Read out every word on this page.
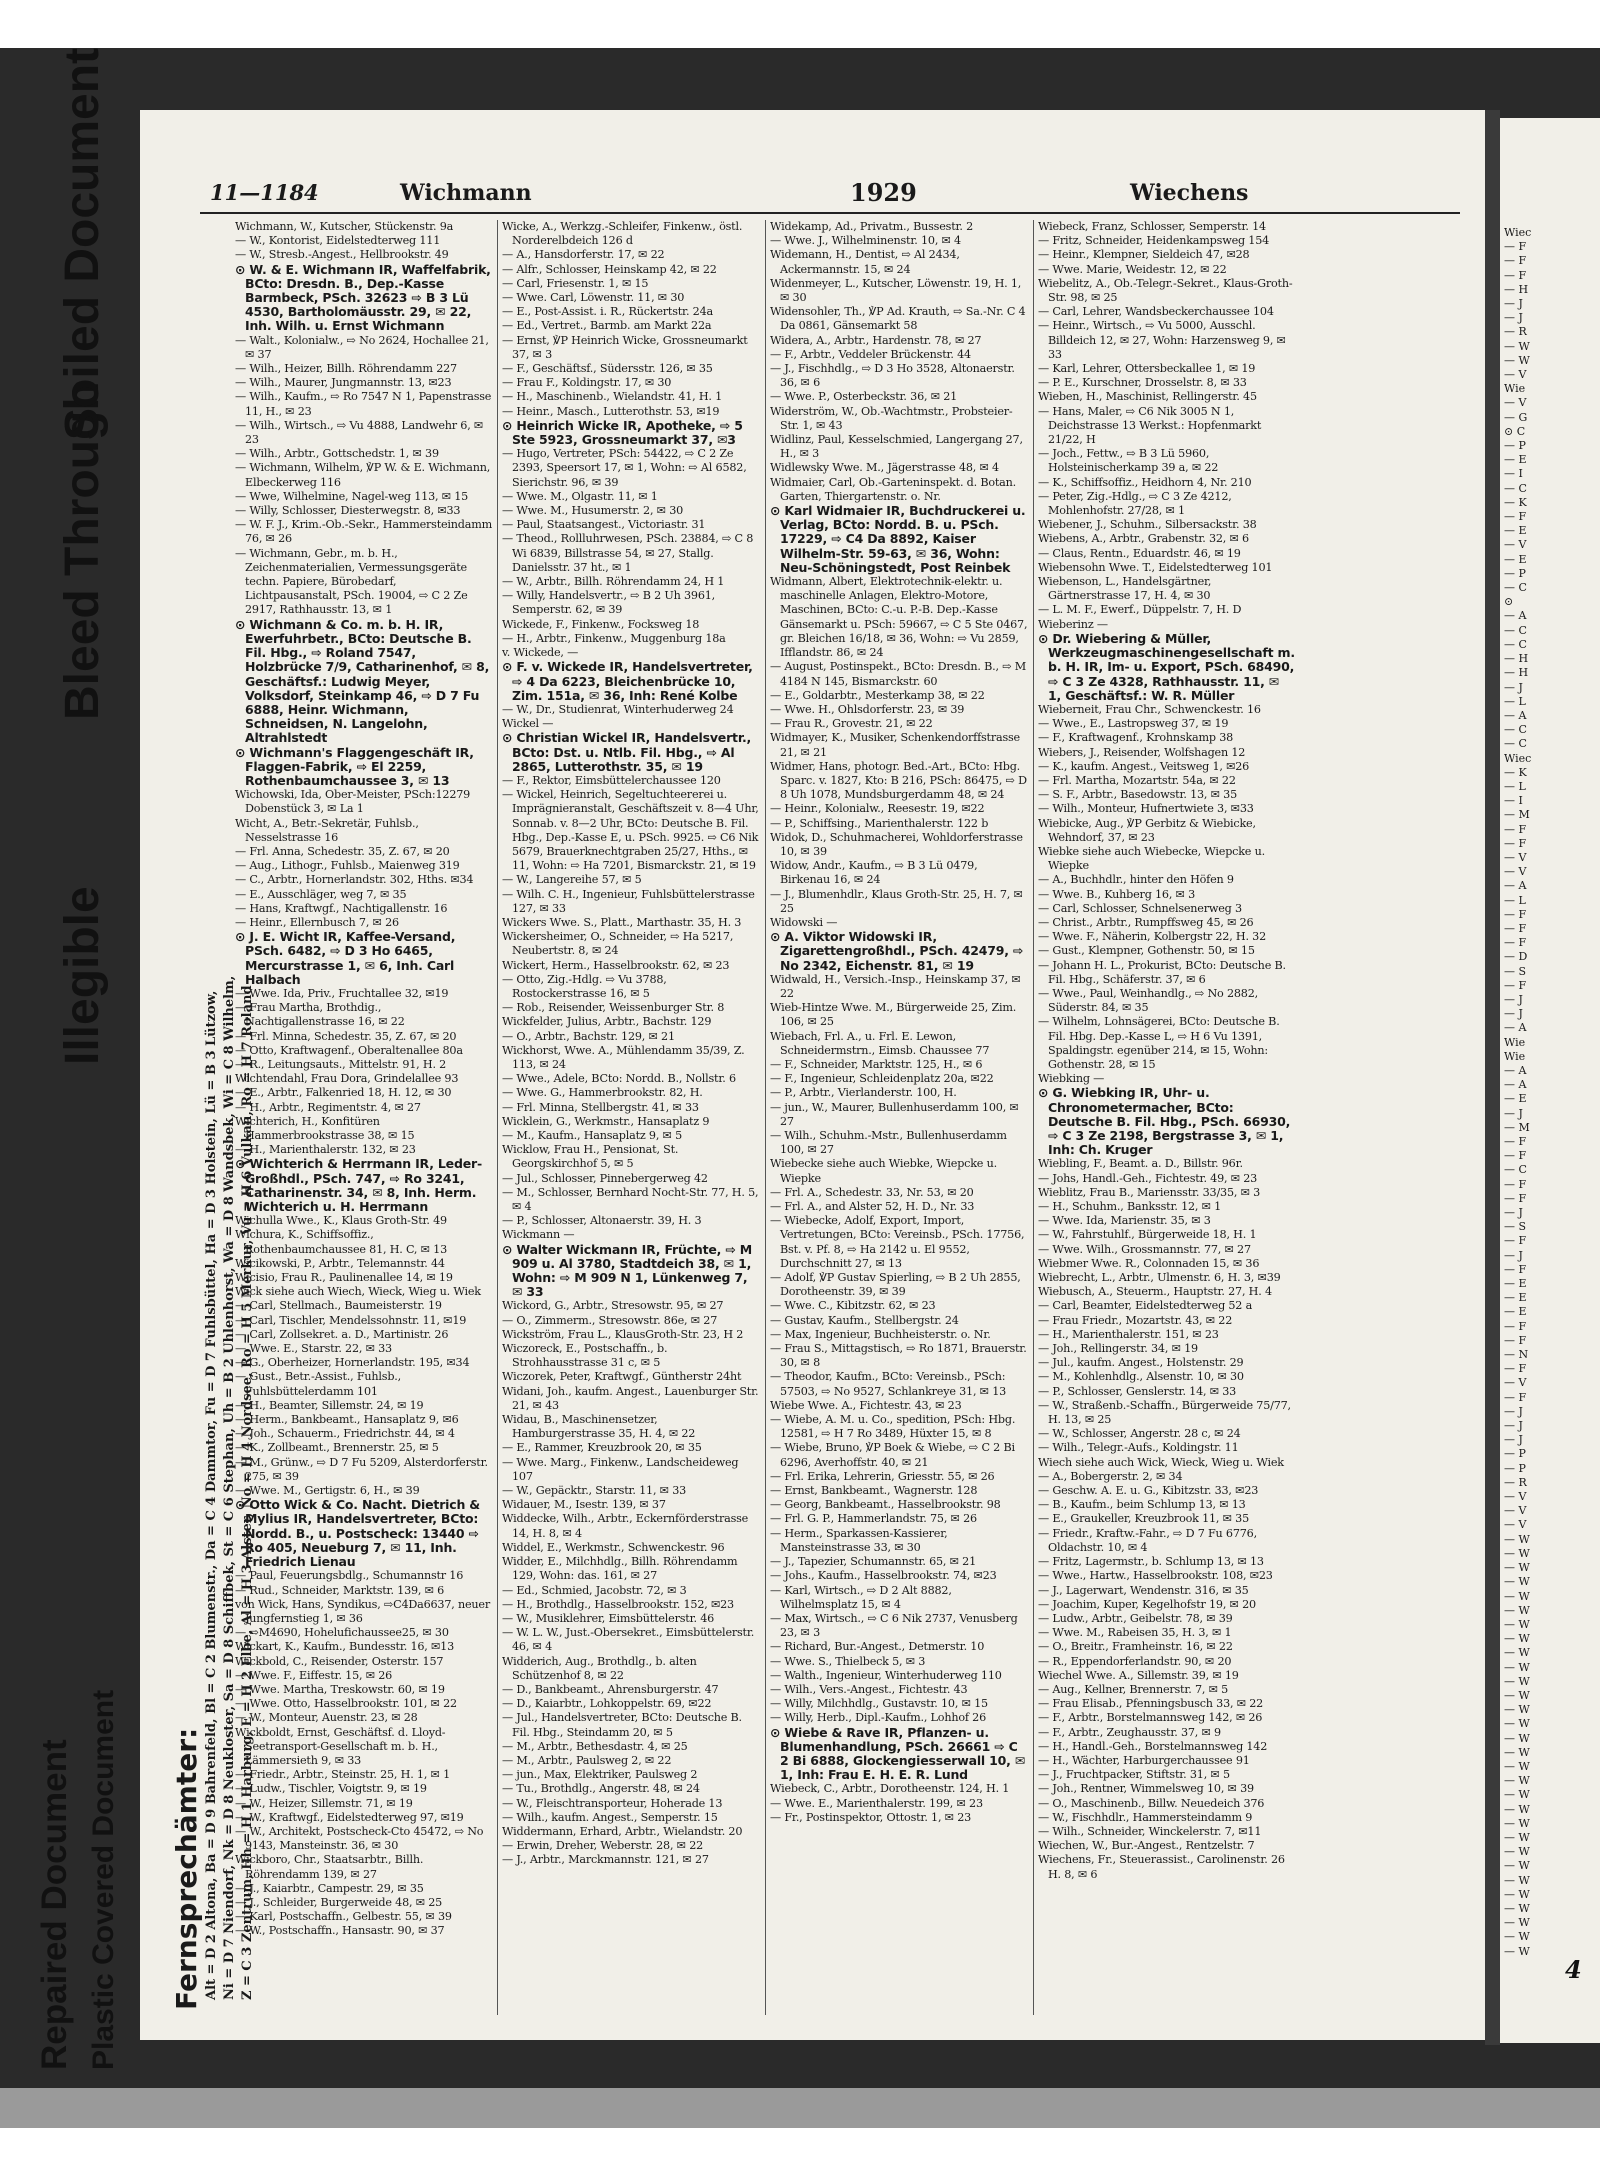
11—1184	Wichmann	1929	Wiechens
Alt = D 2 Altona, Ba = D 9 Bahrenfeld, Bl = C 2 Blumenstr., Da = C 4 Dammtor, Fu = D 7 Fuhlsbüttel, Ha = D 3 Holstein, Lü = B 3 Lützow, Ni = D 7 Niendorf, Nk = D 8 Neukloster, Sa = D 8 Schiffbek, St = C 6 Stephan, Uh = B 2 Uhlenhorst, Wa = D 8 Wandsbek, Wi = C 8 Wilhelm, Z = C 3 Zentrum, Hh = H 1 Harburg, E = H 2 Elbe, Al = H 3 Alster, No = H 4 Nordsee, Ro = H 5 Merkur, Vu = H 6 Vulkan, Ro = H 7 Roland
Fernsprechämter:

Wichmann, W., Kutscher, Stückenstr. 9a

— W., Kontorist, Eidelstedterweg 111

— W., Stresb.-Angest., Hellbrookstr. 49

⊙ W. & E. Wichmann IR, Waffelfabrik, BCto: Dresdn. B., Dep.-Kasse Barmbeck, PSch. 32623 ⇨ B 3 Lü 4530, Bartholomäusstr. 29, ✉ 22, Inh. Wilh. u. Ernst Wichmann

— Walt., Kolonialw., ⇨ No 2624, Hochallee 21, ✉ 37

— Wilh., Heizer, Billh. Röhrendamm 227

— Wilh., Maurer, Jungmannstr. 13, ✉23

— Wilh., Kaufm., ⇨ Ro 7547 N 1, Papenstrasse 11, H., ✉ 23

— Wilh., Wirtsch., ⇨ Vu 4888, Landwehr 6, ✉ 23

— Wilh., Arbtr., Gottschedstr. 1, ✉ 39

— Wichmann, Wilhelm, ℣P W. & E. Wichmann, Elbeckerweg 116

— Wwe, Wilhelmine, Nagel-weg 113, ✉ 15

— Willy, Schlosser, Diesterwegstr. 8, ✉33

— W. F. J., Krim.-Ob.-Sekr., Hammersteindamm 76, ✉ 26

— Wichmann, Gebr., m. b. H., Zeichenmaterialien, Vermessungsgeräte techn. Papiere, Bürobedarf, Lichtpausanstalt, PSch. 19004, ⇨ C 2 Ze 2917, Rathhausstr. 13, ✉ 1

⊙ Wichmann & Co. m. b. H. IR, Ewerfuhrbetr., BCto: Deutsche B. Fil. Hbg., ⇨ Roland 7547, Holzbrücke 7/9, Catharinenhof, ✉ 8, Geschäftsf.: Ludwig Meyer, Volksdorf, Steinkamp 46, ⇨ D 7 Fu 6888, Heinr. Wichmann, Schneidsen, N. Langelohn, Altrahlstedt

⊙ Wichmann's Flaggengeschäft IR, Flaggen-Fabrik, ⇨ El 2259, Rothenbaumchaussee 3, ✉ 13

Wichowski, Ida, Ober-Meister, PSch:12279 Dobenstück 3, ✉ La 1

Wicht, A., Betr.-Sekretär, Fuhlsb., Nesselstrasse 16

— Frl. Anna, Schedestr. 35, Z. 67, ✉ 20

— Aug., Lithogr., Fuhlsb., Maienweg 319

— C., Arbtr., Hornerlandstr. 302, Hths. ✉34

— E., Ausschläger, weg 7, ✉ 35

— Hans, Kraftwgf., Nachtigallenstr. 16

— Heinr., Ellernbusch 7, ✉ 26

⊙ J. E. Wicht IR, Kaffee-Versand, PSch. 6482, ⇨ D 3 Ho 6465, Mercurstrasse 1, ✉ 6, Inh. Carl Halbach

— Wwe. Ida, Priv., Fruchtallee 32, ✉19

— Frau Martha, Brothdig., Nachtigallenstrasse 16, ✉ 22

— Frl. Minna, Schedestr. 35, Z. 67, ✉ 20

— Otto, Kraftwagenf., Oberaltenallee 80a

— R., Leitungsauts., Mittelstr. 91, H. 2

Wichtendahl, Frau Dora, Grindelallee 93

— E., Arbtr., Falkenried 18, H. 12, ✉ 30

— H., Arbtr., Regimentstr. 4, ✉ 27

Wichterich, H., Konfitüren Hammerbrookstrasse 38, ✉ 15

— H., Marienthalerstr. 132, ✉ 23

⊙ Wichterich & Herrmann IR, Leder-Großhdl., PSch. 747, ⇨ Ro 3241, Catharinenstr. 34, ✉ 8, Inh. Herm. Wichterich u. H. Herrmann

Wichulla Wwe., K., Klaus Groth-Str. 49

Wichura, K., Schiffsoffiz., Rothenbaumchaussee 81, H. C, ✉ 13

Wicikowski, P., Arbtr., Telemannstr. 44

Wicisio, Frau R., Paulinenallee 14, ✉ 19

Wick siehe auch Wiech, Wieck, Wieg u. Wiek

— Carl, Stellmach., Baumeisterstr. 19

— Carl, Tischler, Mendelssohnstr. 11, ✉19

— Carl, Zollsekret. a. D., Martinistr. 26

— Wwe. E., Starstr. 22, ✉ 33

— G., Oberheizer, Hornerlandstr. 195, ✉34

— Gust., Betr.-Assist., Fuhlsb., Fuhlsbüttelerdamm 101

— H., Beamter, Sillemstr. 24, ✉ 19

— Herm., Bankbeamt., Hansaplatz 9, ✉6

— Joh., Schauerm., Friedrichstr. 44, ✉ 4

— K., Zollbeamt., Brennerstr. 25, ✉ 5

— M., Grünw., ⇨ D 7 Fu 5209, Alsterdorferstr. 275, ✉ 39

— Wwe. M., Gertigstr. 6, H., ✉ 39

⊙ Otto Wick & Co. Nacht. Dietrich & Mylius IR, Handelsvertreter, BCto: Nordd. B., u. Postscheck: 13440 ⇨ Ro 405, Neueburg 7, ✉ 11, Inh. Friedrich Lienau

— Paul, Feuerungsbdlg., Schumannstr 16

— Rud., Schneider, Marktstr. 139, ✉ 6

von Wick, Hans, Syndikus, ⇨C4Da6637, neuer Jungfernstieg 1, ✉ 36

— ⇨M4690, Hohelufichaussee25, ✉ 30

Wickart, K., Kaufm., Bundesstr. 16, ✉13

Wickbold, C., Reisender, Osterstr. 157

— Wwe. F., Eiffestr. 15, ✉ 26

— Wwe. Martha, Treskowstr. 60, ✉ 19

— Wwe. Otto, Hasselbrookstr. 101, ✉ 22

— W., Monteur, Auenstr. 23, ✉ 28

Wickboldt, Ernst, Geschäftsf. d. Lloyd-Seetransport-Gesellschaft m. b. H., Lämmersieth 9, ✉ 33

— Friedr., Arbtr., Steinstr. 25, H. 1, ✉ 1

— Ludw., Tischler, Voigtstr. 9, ✉ 19

— W., Heizer, Sillemstr. 71, ✉ 19

— W., Kraftwgf., Eidelstedterweg 97, ✉19

— W., Architekt, Postscheck-Cto 45472, ⇨ No 9143, Mansteinstr. 36, ✉ 30

Wickboro, Chr., Staatsarbtr., Billh. Röhrendamm 139, ✉ 27

— J., Kaiarbtr., Campestr. 29, ✉ 35

— J., Schleider, Burgerweide 48, ✉ 25

— Karl, Postschaffn., Gelbestr. 55, ✉ 39

— W., Postschaffn., Hansastr. 90, ✉ 37

Wicke, A., Werkzg.-Schleifer, Finkenw., östl. Norderelbdeich 126 d

— A., Hansdorferstr. 17, ✉ 22

— Alfr., Schlosser, Heinskamp 42, ✉ 22

— Carl, Friesenstr. 1, ✉ 15

— Wwe. Carl, Löwenstr. 11, ✉ 30

— E., Post-Assist. i. R., Rückertstr. 24a

— Ed., Vertret., Barmb. am Markt 22a

— Ernst, ℣P Heinrich Wicke, Grossneumarkt 37, ✉ 3

— F., Geschäftsf., Südersstr. 126, ✉ 35

— Frau F., Koldingstr. 17, ✉ 30

— H., Maschinenb., Wielandstr. 41, H. 1

— Heinr., Masch., Lutterothstr. 53, ✉19

⊙ Heinrich Wicke IR, Apotheke, ⇨ 5 Ste 5923, Grossneumarkt 37, ✉3

— Hugo, Vertreter, PSch: 54422, ⇨ C 2 Ze 2393, Speersort 17, ✉ 1, Wohn: ⇨ Al 6582, Sierichstr. 96, ✉ 39

— Wwe. M., Olgastr. 11, ✉ 1

— Wwe. M., Husumerstr. 2, ✉ 30

— Paul, Staatsangest., Victoriastr. 31

— Theod., Rollluhrwesen, PSch. 23884, ⇨ C 8 Wi 6839, Billstrasse 54, ✉ 27, Stallg. Danielsstr. 37 ht., ✉ 1

— W., Arbtr., Billh. Röhrendamm 24, H 1

— Willy, Handelsvertr., ⇨ B 2 Uh 3961, Semperstr. 62, ✉ 39

Wickede, F., Finkenw., Focksweg 18

— H., Arbtr., Finkenw., Muggenburg 18a

v. Wickede, —

⊙ F. v. Wickede IR, Handelsvertreter, ⇨ 4 Da 6223, Bleichenbrücke 10, Zim. 151a, ✉ 36, Inh: René Kolbe

— W., Dr., Studienrat, Winterhuderweg 24

Wickel —

⊙ Christian Wickel IR, Handelsvertr., BCto: Dst. u. Ntlb. Fil. Hbg., ⇨ Al 2865, Lutterothstr. 35, ✉ 19

— F., Rektor, Eimsbüttelerchaussee 120

— Wickel, Heinrich, Segeltuchteererei u. Imprägnieranstalt, Geschäftszeit v. 8—4 Uhr, Sonnab. v. 8—2 Uhr, BCto: Deutsche B. Fil. Hbg., Dep.-Kasse E, u. PSch. 9925. ⇨ C6 Nik 5679, Brauerknechtgraben 25/27, Hths., ✉ 11, Wohn: ⇨ Ha 7201, Bismarckstr. 21, ✉ 19

— W., Langereihe 57, ✉ 5

— Wilh. C. H., Ingenieur, Fuhlsbüttelerstrasse 127, ✉ 33

Wickers Wwe. S., Platt., Marthastr. 35, H. 3

Wickersheimer, O., Schneider, ⇨ Ha 5217, Neubertstr. 8, ✉ 24

Wickert, Herm., Hasselbrookstr. 62, ✉ 23

— Otto, Zig.-Hdlg. ⇨ Vu 3788, Rostockerstrasse 16, ✉ 5

— Rob., Reisender, Weissenburger Str. 8

Wickfelder, Julius, Arbtr., Bachstr. 129

— O., Arbtr., Bachstr. 129, ✉ 21

Wickhorst, Wwe. A., Mühlendamm 35/39, Z. 113, ✉ 24

— Wwe., Adele, BCto: Nordd. B., Nollstr. 6

— Wwe. G., Hammerbrookstr. 82, H.

— Frl. Minna, Stellbergstr. 41, ✉ 33

Wicklein, G., Werkmstr., Hansaplatz 9

— M., Kaufm., Hansaplatz 9, ✉ 5

Wicklow, Frau H., Pensionat, St. Georgskirchhof 5, ✉ 5

— Jul., Schlosser, Pinnebergerweg 42

— M., Schlosser, Bernhard Nocht-Str. 77, H. 5, ✉ 4

— P., Schlosser, Altonaerstr. 39, H. 3

Wickmann —

⊙ Walter Wickmann IR, Früchte, ⇨ M 909 u. Al 3780, Stadtdeich 38, ✉ 1, Wohn: ⇨ M 909 N 1, Lünkenweg 7, ✉ 33

Wickord, G., Arbtr., Stresowstr. 95, ✉ 27

— O., Zimmerm., Stresowstr. 86e, ✉ 27

Wickström, Frau L., KlausGroth-Str. 23, H 2

Wiczoreck, E., Postschaffn., b. Strohhausstrasse 31 c, ✉ 5

Wiczorek, Peter, Kraftwgf., Güntherstr 24ht

Widani, Joh., kaufm. Angest., Lauenburger Str. 21, ✉ 43

Widau, B., Maschinensetzer, Hamburgerstrasse 35, H. 4, ✉ 22

— E., Rammer, Kreuzbrook 20, ✉ 35

— Wwe. Marg., Finkenw., Landscheideweg 107

— W., Gepäcktr., Starstr. 11, ✉ 33

Widauer, M., Isestr. 139, ✉ 37

Widdecke, Wilh., Arbtr., Eckernförderstrasse 14, H. 8, ✉ 4

Widdel, E., Werkmstr., Schwenckestr. 96

Widder, E., Milchhdlg., Billh. Röhrendamm 129, Wohn: das. 161, ✉ 27

— Ed., Schmied, Jacobstr. 72, ✉ 3

— H., Brothdlg., Hasselbrookstr. 152, ✉23

— W., Musiklehrer, Eimsbüttelerstr. 46

— W. L. W., Just.-Obersekret., Eimsbüttelerstr. 46, ✉ 4

Widderich, Aug., Brothdlg., b. alten Schützenhof 8, ✉ 22

— D., Bankbeamt., Ahrensburgerstr. 47

— D., Kaiarbtr., Lohkoppelstr. 69, ✉22

— Jul., Handelsvertreter, BCto: Deutsche B. Fil. Hbg., Steindamm 20, ✉ 5

— M., Arbtr., Bethesdastr. 4, ✉ 25

— M., Arbtr., Paulsweg 2, ✉ 22

— jun., Max, Elektriker, Paulsweg 2

— Tu., Brothdlg., Angerstr. 48, ✉ 24

— W., Fleischtransporteur, Hoherade 13

— Wilh., kaufm. Angest., Semperstr. 15

Widdermann, Erhard, Arbtr., Wielandstr. 20

— Erwin, Dreher, Weberstr. 28, ✉ 22

— J., Arbtr., Marckmannstr. 121, ✉ 27

Widekamp, Ad., Privatm., Bussestr. 2

— Wwe. J., Wilhelminenstr. 10, ✉ 4

Widemann, H., Dentist, ⇨ Al 2434, Ackermannstr. 15, ✉ 24

Widenmeyer, L., Kutscher, Löwenstr. 19, H. 1, ✉ 30

Widensohler, Th., ℣P Ad. Krauth, ⇨ Sa.-Nr. C 4 Da 0861, Gänsemarkt 58

Widera, A., Arbtr., Hardenstr. 78, ✉ 27

— F., Arbtr., Veddeler Brückenstr. 44

— J., Fischhdlg., ⇨ D 3 Ho 3528, Altonaerstr. 36, ✉ 6

— Wwe. P., Osterbeckstr. 36, ✉ 21

Widerström, W., Ob.-Wachtmstr., Probsteier-Str. 1, ✉ 43

Widlinz, Paul, Kesselschmied, Langergang 27, H., ✉ 3

Widlewsky Wwe. M., Jägerstrasse 48, ✉ 4

Widmaier, Carl, Ob.-Garteninspekt. d. Botan. Garten, Thiergartenstr. o. Nr.

⊙ Karl Widmaier IR, Buchdruckerei u. Verlag, BCto: Nordd. B. u. PSch. 17229, ⇨ C4 Da 8892, Kaiser Wilhelm-Str. 59-63, ✉ 36, Wohn: Neu-Schöningstedt, Post Reinbek

Widmann, Albert, Elektrotechnik-elektr. u. maschinelle Anlagen, Elektro-Motore, Maschinen, BCto: C.-u. P.-B. Dep.-Kasse Gänsemarkt u. PSch: 59667, ⇨ C 5 Ste 0467, gr. Bleichen 16/18, ✉ 36, Wohn: ⇨ Vu 2859, Ifflandstr. 86, ✉ 24

— August, Postinspekt., BCto: Dresdn. B., ⇨ M 4184 N 145, Bismarckstr. 60

— E., Goldarbtr., Mesterkamp 38, ✉ 22

— Wwe. H., Ohlsdorferstr. 23, ✉ 39

— Frau R., Grovestr. 21, ✉ 22

Widmayer, K., Musiker, Schenkendorffstrasse 21, ✉ 21

Widmer, Hans, photogr. Bed.-Art., BCto: Hbg. Sparc. v. 1827, Kto: B 216, PSch: 86475, ⇨ D 8 Uh 1078, Mundsburgerdamm 48, ✉ 24

— Heinr., Kolonialw., Reesestr. 19, ✉22

— P., Schiffsing., Marienthalerstr. 122 b

Widok, D., Schuhmacherei, Wohldorferstrasse 10, ✉ 39

Widow, Andr., Kaufm., ⇨ B 3 Lü 0479, Birkenau 16, ✉ 24

— J., Blumenhdlr., Klaus Groth-Str. 25, H. 7, ✉ 25

Widowski —

⊙ A. Viktor Widowski IR, Zigarettengroßhdl., PSch. 42479, ⇨ No 2342, Eichenstr. 81, ✉ 19

Widwald, H., Versich.-Insp., Heinskamp 37, ✉ 22

Wieb-Hintze Wwe. M., Bürgerweide 25, Zim. 106, ✉ 25

Wiebach, Frl. A., u. Frl. E. Lewon, Schneidermstrn., Eimsb. Chaussee 77

— F., Schneider, Marktstr. 125, H., ✉ 6

— F., Ingenieur, Schleidenplatz 20a, ✉22

— P., Arbtr., Vierlanderstr. 100, H.

— jun., W., Maurer, Bullenhuserdamm 100, ✉ 27

— Wilh., Schuhm.-Mstr., Bullenhuserdamm 100, ✉ 27

Wiebecke siehe auch Wiebke, Wiepcke u. Wiepke

— Frl. A., Schedestr. 33, Nr. 53, ✉ 20

— Frl. A., and Alster 52, H. D., Nr. 33

— Wiebecke, Adolf, Export, Import, Vertretungen, BCto: Vereinsb., PSch. 17756, Bst. v. Pf. 8, ⇨ Ha 2142 u. El 9552, Durchschnitt 27, ✉ 13

— Adolf, ℣P Gustav Spierling, ⇨ B 2 Uh 2855, Dorotheenstr. 39, ✉ 39

— Wwe. C., Kibitzstr. 62, ✉ 23

— Gustav, Kaufm., Stellbergstr. 24

— Max, Ingenieur, Buchheisterstr. o. Nr.

— Frau S., Mittagstisch, ⇨ Ro 1871, Brauerstr. 30, ✉ 8

— Theodor, Kaufm., BCto: Vereinsb., PSch: 57503, ⇨ No 9527, Schlankreye 31, ✉ 13

Wiebe Wwe. A., Fichtestr. 43, ✉ 23

— Wiebe, A. M. u. Co., spedition, PSch: Hbg. 12581, ⇨ H 7 Ro 3489, Hüxter 15, ✉ 8

— Wiebe, Bruno, ℣P Boek & Wiebe, ⇨ C 2 Bi 6296, Averhoffstr. 40, ✉ 21

— Frl. Erika, Lehrerin, Griesstr. 55, ✉ 26

— Ernst, Bankbeamt., Wagnerstr. 128

— Georg, Bankbeamt., Hasselbrookstr. 98

— Frl. G. P., Hammerlandstr. 75, ✉ 26

— Herm., Sparkassen-Kassierer, Mansteinstrasse 33, ✉ 30

— J., Tapezier, Schumannstr. 65, ✉ 21

— Johs., Kaufm., Hasselbrookstr. 74, ✉23

— Karl, Wirtsch., ⇨ D 2 Alt 8882, Wilhelmsplatz 15, ✉ 4

— Max, Wirtsch., ⇨ C 6 Nik 2737, Venusberg 23, ✉ 3

— Richard, Bur.-Angest., Detmerstr. 10

— Wwe. S., Thielbeck 5, ✉ 3

— Walth., Ingenieur, Winterhuderweg 110

— Wilh., Vers.-Angest., Fichtestr. 43

— Willy, Milchhdlg., Gustavstr. 10, ✉ 15

— Willy, Herb., Dipl.-Kaufm., Lohhof 26

⊙ Wiebe & Rave IR, Pflanzen- u. Blumenhandlung, PSch. 26661 ⇨ C 2 Bi 6888, Glockengiesserwall 10, ✉ 1, Inh: Frau E. H. E. R. Lund

Wiebeck, C., Arbtr., Dorotheenstr. 124, H. 1

— Wwe. E., Marienthalerstr. 199, ✉ 23

— Fr., Postinspektor, Ottostr. 1, ✉ 23

Wiebeck, Franz, Schlosser, Semperstr. 14

— Fritz, Schneider, Heidenkampsweg 154

— Heinr., Klempner, Sieldeich 47, ✉28

— Wwe. Marie, Weidestr. 12, ✉ 22

Wiebelitz, A., Ob.-Telegr.-Sekret., Klaus-Groth-Str. 98, ✉ 25

— Carl, Lehrer, Wandsbeckerchaussee 104

— Heinr., Wirtsch., ⇨ Vu 5000, Ausschl. Billdeich 12, ✉ 27, Wohn: Harzensweg 9, ✉ 33

— Karl, Lehrer, Ottersbeckallee 1, ✉ 19

— P. E., Kurschner, Drosselstr. 8, ✉ 33

Wieben, H., Maschinist, Rellingerstr. 45

— Hans, Maler, ⇨ C6 Nik 3005 N 1, Deichstrasse 13 Werkst.: Hopfenmarkt 21/22, H

— Joch., Fettw., ⇨ B 3 Lü 5960, Holsteinischerkamp 39 a, ✉ 22

— K., Schiffsoffiz., Heidhorn 4, Nr. 210

— Peter, Zig.-Hdlg., ⇨ C 3 Ze 4212, Mohlenhofstr. 27/28, ✉ 1

Wiebener, J., Schuhm., Silbersackstr. 38

Wiebens, A., Arbtr., Grabenstr. 32, ✉ 6

— Claus, Rentn., Eduardstr. 46, ✉ 19

Wiebensohn Wwe. T., Eidelstedterweg 101

Wiebenson, L., Handelsgärtner, Gärtnerstrasse 17, H. 4, ✉ 30

— L. M. F., Ewerf., Düppelstr. 7, H. D

Wieberinz —

⊙ Dr. Wiebering & Müller, Werkzeugmaschinengesellschaft m. b. H. IR, Im- u. Export, PSch. 68490, ⇨ C 3 Ze 4328, Rathhausstr. 11, ✉ 1, Geschäftsf.: W. R. Müller

Wieberneit, Frau Chr., Schwenckestr. 16

— Wwe., E., Lastropsweg 37, ✉ 19

— F., Kraftwagenf., Krohnskamp 38

Wiebers, J., Reisender, Wolfshagen 12

— K., kaufm. Angest., Veitsweg 1, ✉26

— Frl. Martha, Mozartstr. 54a, ✉ 22

— S. F., Arbtr., Basedowstr. 13, ✉ 35

— Wilh., Monteur, Hufnertwiete 3, ✉33

Wiebicke, Aug., ℣P Gerbitz & Wiebicke, Wehndorf, 37, ✉ 23

Wiebke siehe auch Wiebecke, Wiepcke u. Wiepke

— A., Buchhdlr., hinter den Höfen 9

— Wwe. B., Kuhberg 16, ✉ 3

— Carl, Schlosser, Schnelsenerweg 3

— Christ., Arbtr., Rumpffsweg 45, ✉ 26

— Wwe. F., Näherin, Kolbergstr 22, H. 32

— Gust., Klempner, Gothenstr. 50, ✉ 15

— Johann H. L., Prokurist, BCto: Deutsche B. Fil. Hbg., Schäferstr. 37, ✉ 6

— Wwe., Paul, Weinhandlg., ⇨ No 2882, Süderstr. 84, ✉ 35

— Wilhelm, Lohnsägerei, BCto: Deutsche B. Fil. Hbg. Dep.-Kasse L, ⇨ H 6 Vu 1391, Spaldingstr. egenüber 214, ✉ 15, Wohn: Gothenstr. 28, ✉ 15

Wiebking —

⊙ G. Wiebking IR, Uhr- u. Chronometermacher, BCto: Deutsche B. Fil. Hbg., PSch. 66930, ⇨ C 3 Ze 2198, Bergstrasse 3, ✉ 1, Inh: Ch. Kruger

Wiebling, F., Beamt. a. D., Billstr. 96r.

— Johs, Handl.-Geh., Fichtestr. 49, ✉ 23

Wieblitz, Frau B., Mariensstr. 33/35, ✉ 3

— H., Schuhm., Banksstr. 12, ✉ 1

— Wwe. Ida, Marienstr. 35, ✉ 3

— W., Fahrstuhlf., Bürgerweide 18, H. 1

— Wwe. Wilh., Grossmannstr. 77, ✉ 27

Wiebmer Wwe. R., Colonnaden 15, ✉ 36

Wiebrecht, L., Arbtr., Ulmenstr. 6, H. 3, ✉39

Wiebusch, A., Steuerm., Hauptstr. 27, H. 4

— Carl, Beamter, Eidelstedterweg 52 a

— Frau Friedr., Mozartstr. 43, ✉ 22

— H., Marienthalerstr. 151, ✉ 23

— Joh., Rellingerstr. 34, ✉ 19

— Jul., kaufm. Angest., Holstenstr. 29

— M., Kohlenhdlg., Alsenstr. 10, ✉ 30

— P., Schlosser, Genslerstr. 14, ✉ 33

— W., Straßenb.-Schaffn., Bürgerweide 75/77, H. 13, ✉ 25

— W., Schlosser, Angerstr. 28 c, ✉ 24

— Wilh., Telegr.-Aufs., Koldingstr. 11

Wiech siehe auch Wick, Wieck, Wieg u. Wiek

— A., Bobergerstr. 2, ✉ 34

— Geschw. A. E. u. G., Kibitzstr. 33, ✉23

— B., Kaufm., beim Schlump 13, ✉ 13

— E., Graukeller, Kreuzbrook 11, ✉ 35

— Friedr., Kraftw.-Fahr., ⇨ D 7 Fu 6776, Oldachstr. 10, ✉ 4

— Fritz, Lagermstr., b. Schlump 13, ✉ 13

— Wwe., Hartw., Hasselbrookstr. 108, ✉23

— J., Lagerwart, Wendenstr. 316, ✉ 35

— Joachim, Kuper, Kegelhofstr 19, ✉ 20

— Ludw., Arbtr., Geibelstr. 78, ✉ 39

— Wwe. M., Rabeisen 35, H. 3, ✉ 1

— O., Breitr., Framheinstr. 16, ✉ 22

— R., Eppendorferlandstr. 90, ✉ 20

Wiechel Wwe. A., Sillemstr. 39, ✉ 19

— Aug., Kellner, Brennerstr. 7, ✉ 5

— Frau Elisab., Pfenningsbusch 33, ✉ 22

— F., Arbtr., Borstelmannsweg 142, ✉ 26

— F., Arbtr., Zeughausstr. 37, ✉ 9

— H., Handl.-Geh., Borstelmannsweg 142

— H., Wächter, Harburgerchaussee 91

— J., Fruchtpacker, Stiftstr. 31, ✉ 5

— Joh., Rentner, Wimmelsweg 10, ✉ 39

— O., Maschinenb., Billw. Neuedeich 376

— W., Fischhdlr., Hammersteindamm 9

— Wilh., Schneider, Winckelerstr. 7, ✉11

Wiechen, W., Bur.-Angest., Rentzelstr. 7

Wiechens, Fr., Steuerassist., Carolinenstr. 26 H. 8, ✉ 6

Wiec
— F
— F
— F
— H
— J
— J
— R
— W
— W
— V
Wie
— V
— G
⊙ C
— P
— E
— I
— C
— K
— F
— E
— V
— E
— P
— C
⊙
— A
— C
— C
— H
— H
— J
— L
— A
— C
— C
Wiec
— K
— L
— I
— M
— F
— F
— V
— V
— A
— L
— F
— F
— F
— D
— S
— F
— J
— J
— A
Wie
Wie
— A
— A
— E
— J
— M
— F
— F
— C
— F
— F
— J
— S
— F
— J
— F
— E
— E
— E
— F
— F
— N
— F
— V
— F
— J
— J
— J
— P
— P
— R
— V
— V
— V
— W
— W
— W
— W
— W
— W
— W
— W
— W
— W
— W
— W
— W
— W
— W
— W
— W
— W
— W
— W
— W
— W
— W
— W
— W
— W
— W
— W
— W
— W
4
Repaired Document Plastic Covered Document
Illegible
Bleed Through
Soiled Document
